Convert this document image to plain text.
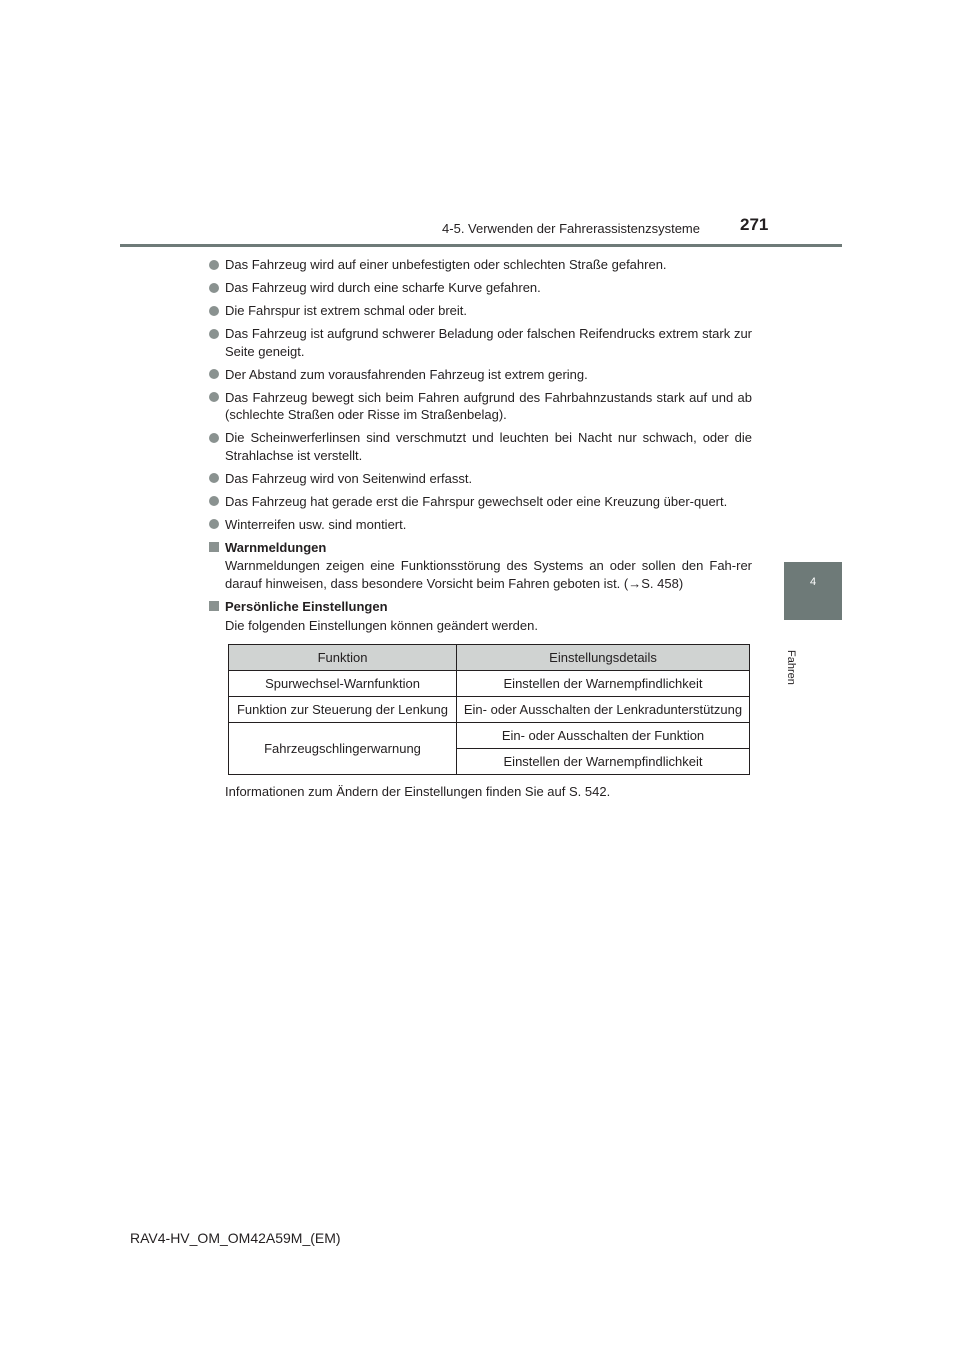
4-5. Verwenden der Fahrerassistenzsysteme 271
4
Fahren
Das Fahrzeug wird auf einer unbefestigten oder schlechten Straße gefahren.
Das Fahrzeug wird durch eine scharfe Kurve gefahren.
Die Fahrspur ist extrem schmal oder breit.
Das Fahrzeug ist aufgrund schwerer Beladung oder falschen Reifendrucks extrem stark zur Seite geneigt.
Der Abstand zum vorausfahrenden Fahrzeug ist extrem gering.
Das Fahrzeug bewegt sich beim Fahren aufgrund des Fahrbahnzustands stark auf und ab (schlechte Straßen oder Risse im Straßenbelag).
Die Scheinwerferlinsen sind verschmutzt und leuchten bei Nacht nur schwach, oder die Strahlachse ist verstellt.
Das Fahrzeug wird von Seitenwind erfasst.
Das Fahrzeug hat gerade erst die Fahrspur gewechselt oder eine Kreuzung über-quert.
Winterreifen usw. sind montiert.
Warnmeldungen
Warnmeldungen zeigen eine Funktionsstörung des Systems an oder sollen den Fah-rer darauf hinweisen, dass besondere Vorsicht beim Fahren geboten ist. (→S. 458)
Persönliche Einstellungen
Die folgenden Einstellungen können geändert werden.
Funktion	Einstellungsdetails
Spurwechsel-Warnfunktion	Einstellen der Warnempfindlichkeit
Funktion zur Steuerung der Lenkung	Ein- oder Ausschalten der Lenkradunterstützung
Fahrzeugschlingerwarnung	Ein- oder Ausschalten der Funktion
	Einstellen der Warnempfindlichkeit
Informationen zum Ändern der Einstellungen finden Sie auf S. 542.
RAV4-HV_OM_OM42A59M_(EM)
